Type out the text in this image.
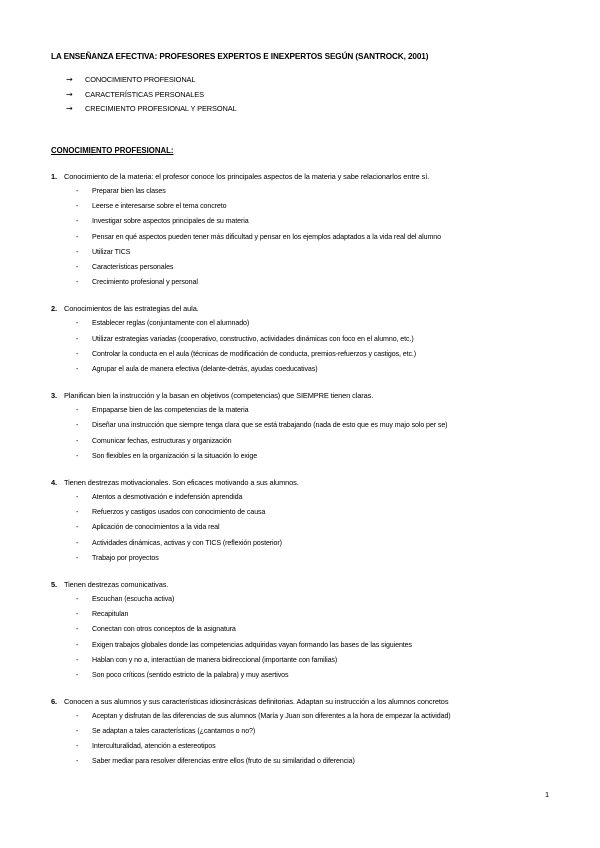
LA ENSEÑANZA EFECTIVA: PROFESORES EXPERTOS E INEXPERTOS SEGÚN (SANTROCK, 2001)
→ CONOCIMIENTO PROFESIONAL
→ CARACTERÍSTICAS PERSONALES
→ CRECIMIENTO PROFESIONAL Y PERSONAL
CONOCIMIENTO PROFESIONAL:
1. Conocimiento de la materia: el profesor conoce los principales aspectos de la materia y sabe relacionarlos entre sí.
-	Preparar bien las clases
-	Leerse e interesarse sobre el tema concreto
-	Investigar sobre aspectos principales de su materia
-	Pensar en qué aspectos pueden tener más dificultad y pensar en los ejemplos adaptados a la vida real del alumno
-	Utilizar TICS
-	Características personales
-	Crecimiento profesional y personal
2. Conocimientos de las estrategias del aula.
-	Establecer reglas (conjuntamente con el alumnado)
-	Utilizar estrategias variadas (cooperativo, constructivo, actividades dinámicas con foco en el alumno, etc.)
-	Controlar la conducta en el aula (técnicas de modificación de conducta, premios-refuerzos y castigos, etc.)
-	Agrupar el aula de manera efectiva (delante-detrás, ayudas coeducativas)
3. Planifican bien la instrucción y la basan en objetivos (competencias) que SIEMPRE tienen claras.
-	Empaparse bien de las competencias de la materia
-	Diseñar una instrucción que siempre tenga clara que se está trabajando (nada de esto que es muy majo solo per se)
-	Comunicar fechas, estructuras y organización
-	Son flexibles en la organización si la situación lo exige
4. Tienen destrezas motivacionales. Son eficaces motivando a sus alumnos.
-	Atentos a desmotivación e indefensión aprendida
-	Refuerzos y castigos usados con conocimiento de causa
-	Aplicación de conocimientos a la vida real
-	Actividades dinámicas, activas y con TICS (reflexión posterior)
-	Trabajo por proyectos
5. Tienen destrezas comunicativas.
-	Escuchan (escucha activa)
-	Recapitulan
-	Conectan con otros conceptos de la asignatura
-	Exigen trabajos globales donde las competencias adquiridas vayan formando las bases de las siguientes
-	Hablan con y no a, interactúan de manera bidireccional (importante con familias)
-	Son poco críticos (sentido estricto de la palabra) y muy asertivos
6. Conocen a sus alumnos y sus características idiosincrásicas definitorias. Adaptan su instrucción a los alumnos concretos
-	Aceptan y disfrutan de las diferencias de sus alumnos (María y Juan son diferentes a la hora de empezar la actividad)
-	Se adaptan a tales características (¿cantamos o no?)
-	Interculturalidad, atención a estereotipos
-	Saber mediar para resolver diferencias entre ellos (fruto de su similaridad o diferencia)
1
